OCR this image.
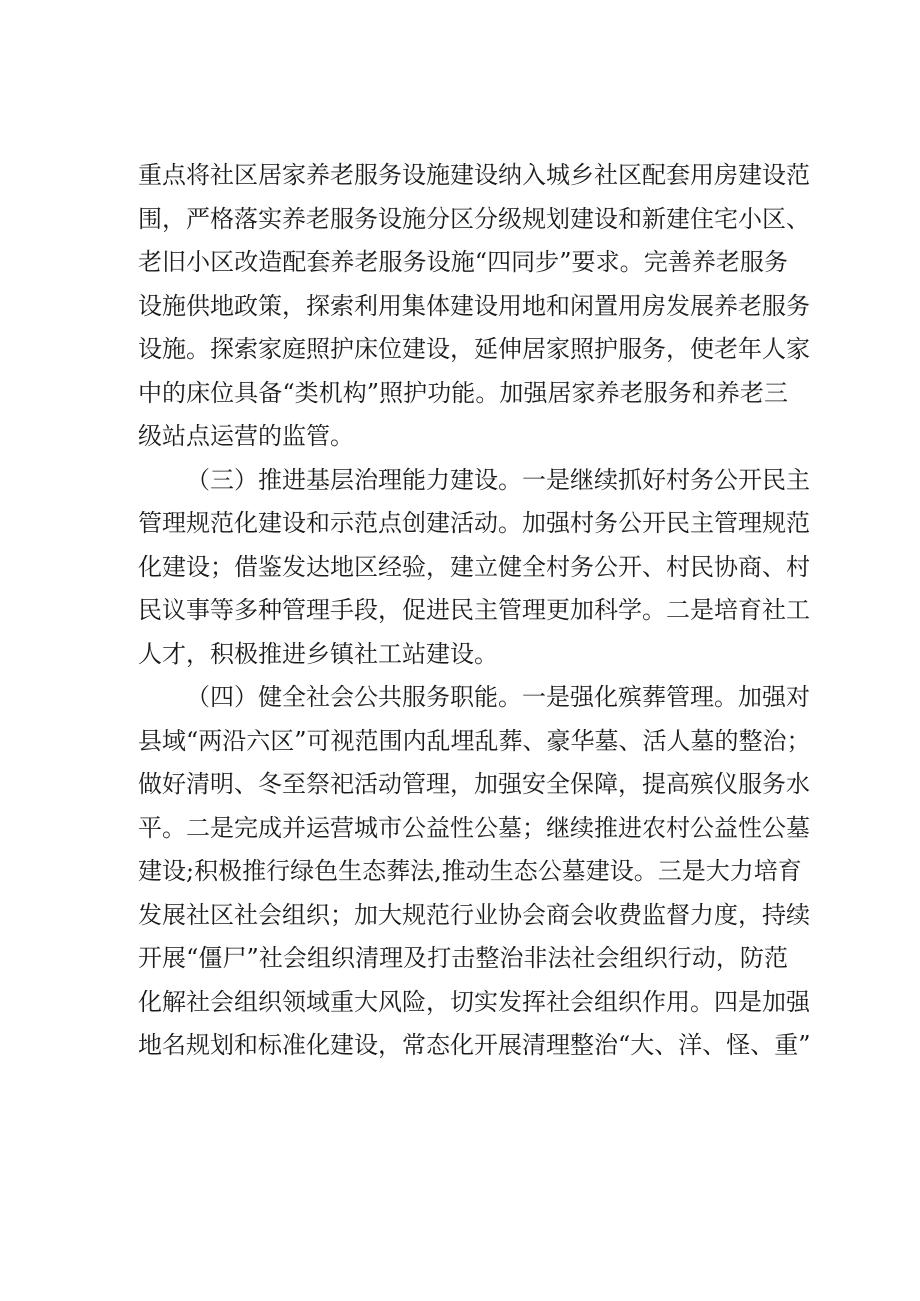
重点将社区居家养老服务设施建设纳入城乡社区配套用房建设范
围，严格落实养老服务设施分区分级规划建设和新建住宅小区、
老旧小区改造配套养老服务设施“四同步”要求。完善养老服务
设施供地政策，探索利用集体建设用地和闲置用房发展养老服务
设施。探索家庭照护床位建设，延伸居家照护服务，使老年人家
中的床位具备“类机构”照护功能。加强居家养老服务和养老三
级站点运营的监管。
（三）推进基层治理能力建设。一是继续抓好村务公开民主
管理规范化建设和示范点创建活动。加强村务公开民主管理规范
化建设；借鉴发达地区经验，建立健全村务公开、村民协商、村
民议事等多种管理手段，促进民主管理更加科学。二是培育社工
人才，积极推进乡镇社工站建设。
（四）健全社会公共服务职能。一是强化殡葬管理。加强对
县域“两沿六区”可视范围内乱埋乱葬、豪华墓、活人墓的整治；
做好清明、冬至祭祀活动管理，加强安全保障，提高殡仪服务水
平。二是完成并运营城市公益性公墓；继续推进农村公益性公墓
建设;积极推行绿色生态葬法,推动生态公墓建设。三是大力培育
发展社区社会组织；加大规范行业协会商会收费监督力度，持续
开展“僵尸”社会组织清理及打击整治非法社会组织行动，防范
化解社会组织领域重大风险，切实发挥社会组织作用。四是加强
地名规划和标准化建设，常态化开展清理整治“大、洋、怪、重”
